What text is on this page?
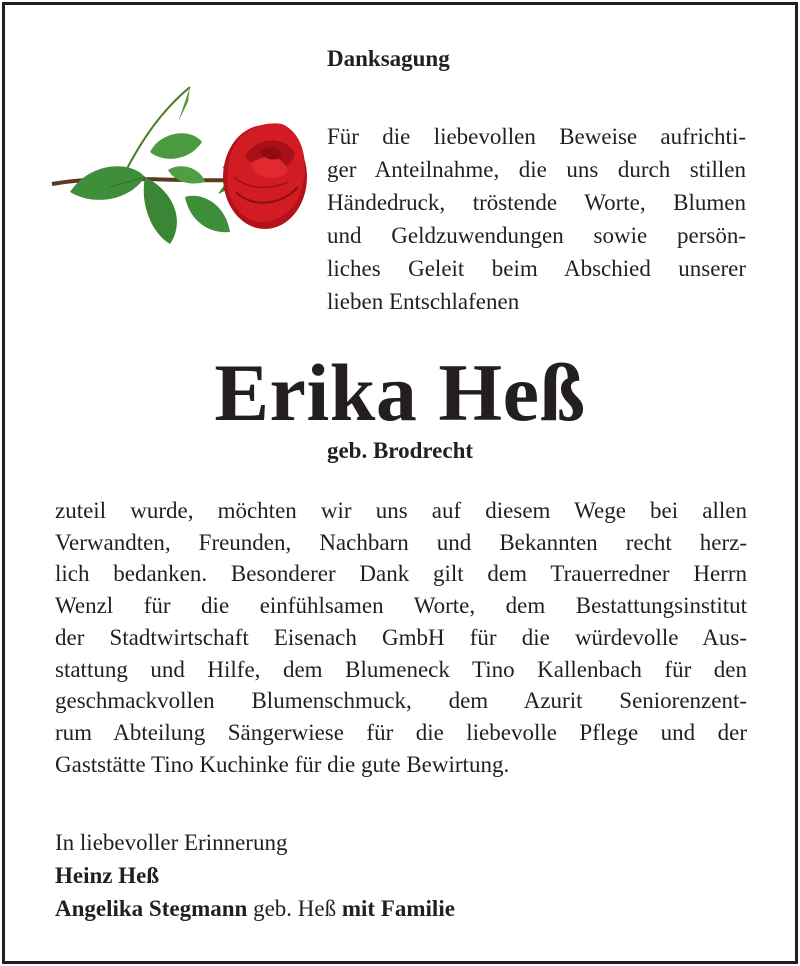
Danksagung
Für die liebevollen Beweise aufrichti-
ger Anteilnahme, die uns durch stillen
Händedruck, tröstende Worte, Blumen
und Geldzuwendungen sowie persön-
liches Geleit beim Abschied unserer
lieben Entschlafenen
Erika Heß
geb. Brodrecht
zuteil wurde, möchten wir uns auf diesem Wege bei allen
Verwandten, Freunden, Nachbarn und Bekannten recht herz-
lich bedanken. Besonderer Dank gilt dem Trauerredner Herrn
Wenzl für die einfühlsamen Worte, dem Bestattungsinstitut
der Stadtwirtschaft Eisenach GmbH für die würdevolle Aus-
stattung und Hilfe, dem Blumeneck Tino Kallenbach für den
geschmackvollen Blumenschmuck, dem Azurit Seniorenzent-
rum Abteilung Sängerwiese für die liebevolle Pflege und der
Gaststätte Tino Kuchinke für die gute Bewirtung.
In liebevoller Erinnerung
Heinz Heß
Angelika Stegmann geb. Heß mit Familie
